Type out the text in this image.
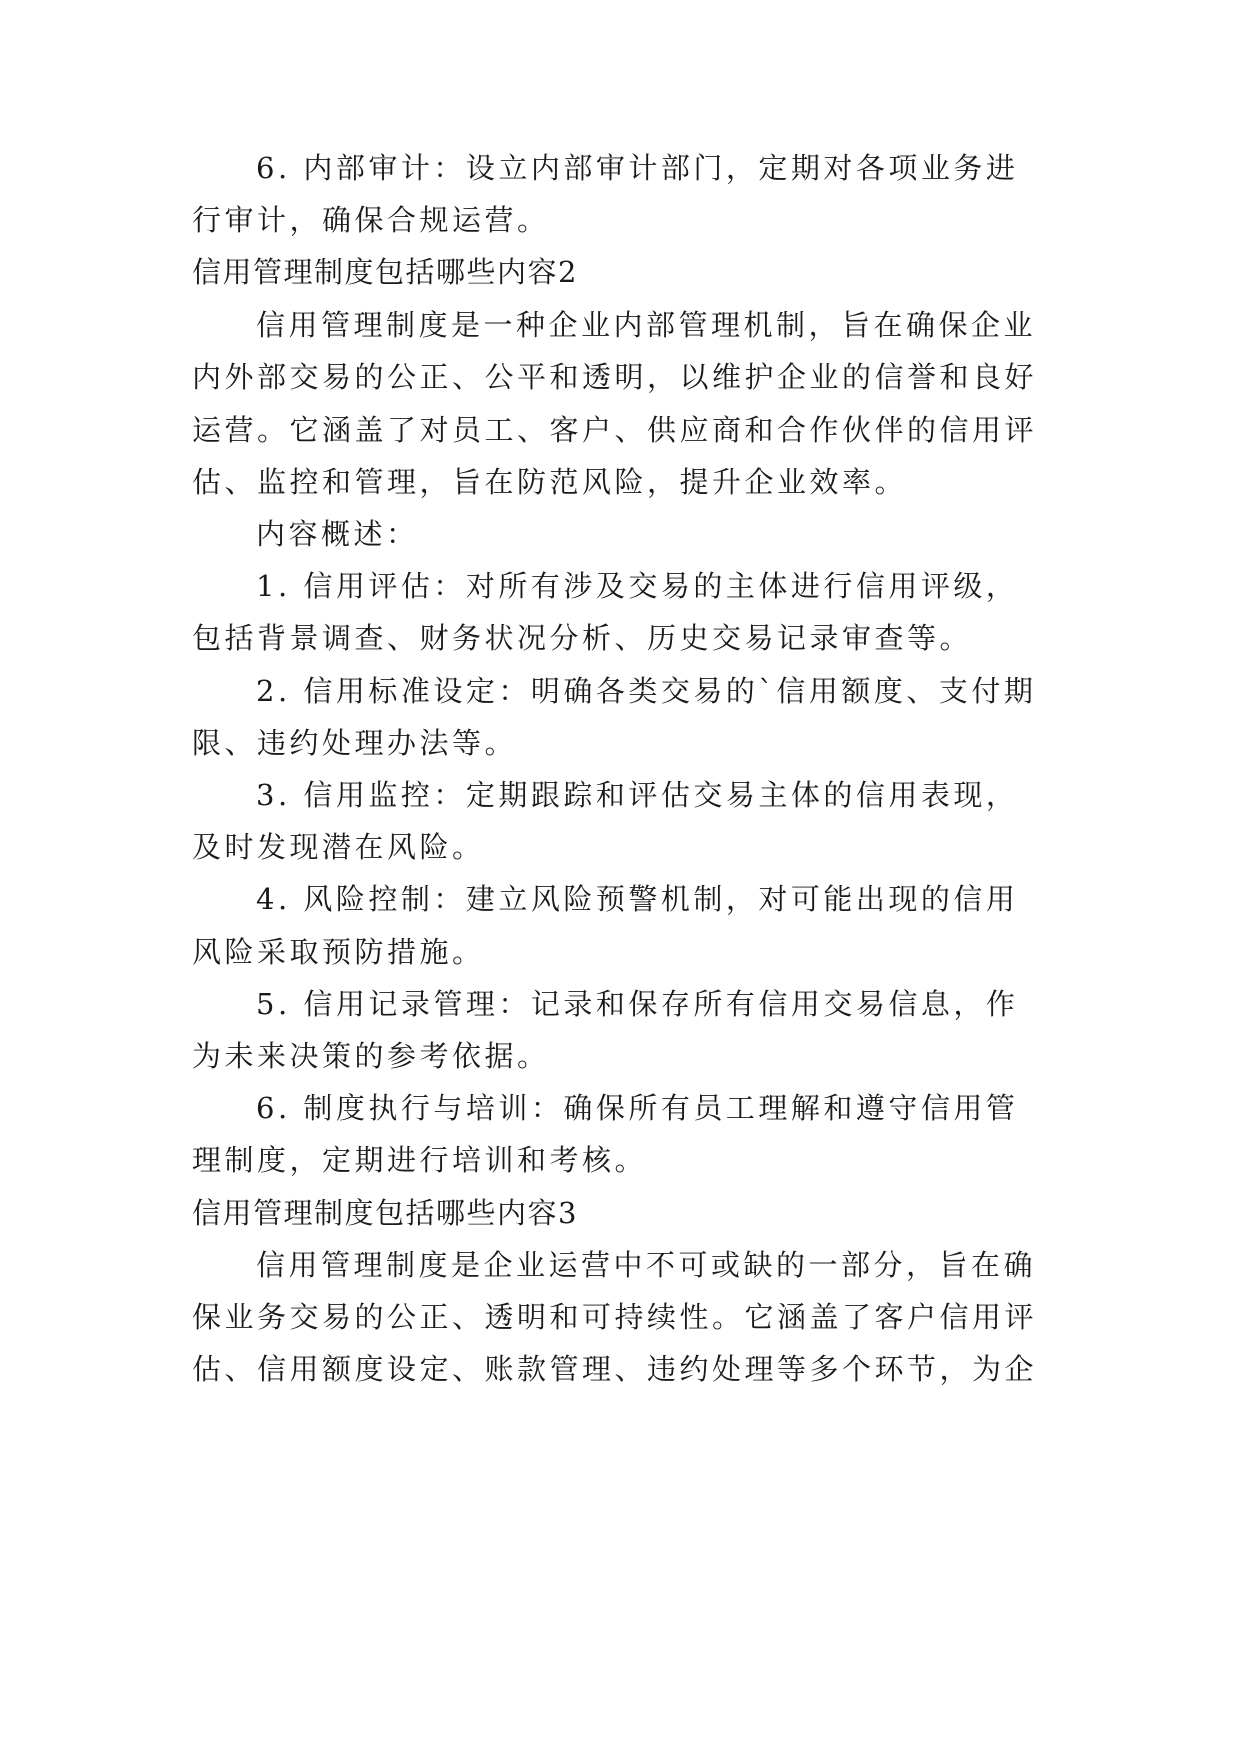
6. 内部审计：设立内部审计部门，定期对各项业务进
行审计，确保合规运营。
信用管理制度包括哪些内容2
信用管理制度是一种企业内部管理机制，旨在确保企业
内外部交易的公正、公平和透明，以维护企业的信誉和良好
运营。它涵盖了对员工、客户、供应商和合作伙伴的信用评
估、监控和管理，旨在防范风险，提升企业效率。
内容概述：
1. 信用评估：对所有涉及交易的主体进行信用评级，
包括背景调查、财务状况分析、历史交易记录审查等。
2. 信用标准设定：明确各类交易的`信用额度、支付期
限、违约处理办法等。
3. 信用监控：定期跟踪和评估交易主体的信用表现，
及时发现潜在风险。
4. 风险控制：建立风险预警机制，对可能出现的信用
风险采取预防措施。
5. 信用记录管理：记录和保存所有信用交易信息，作
为未来决策的参考依据。
6. 制度执行与培训：确保所有员工理解和遵守信用管
理制度，定期进行培训和考核。
信用管理制度包括哪些内容3
信用管理制度是企业运营中不可或缺的一部分，旨在确
保业务交易的公正、透明和可持续性。它涵盖了客户信用评
估、信用额度设定、账款管理、违约处理等多个环节，为企
